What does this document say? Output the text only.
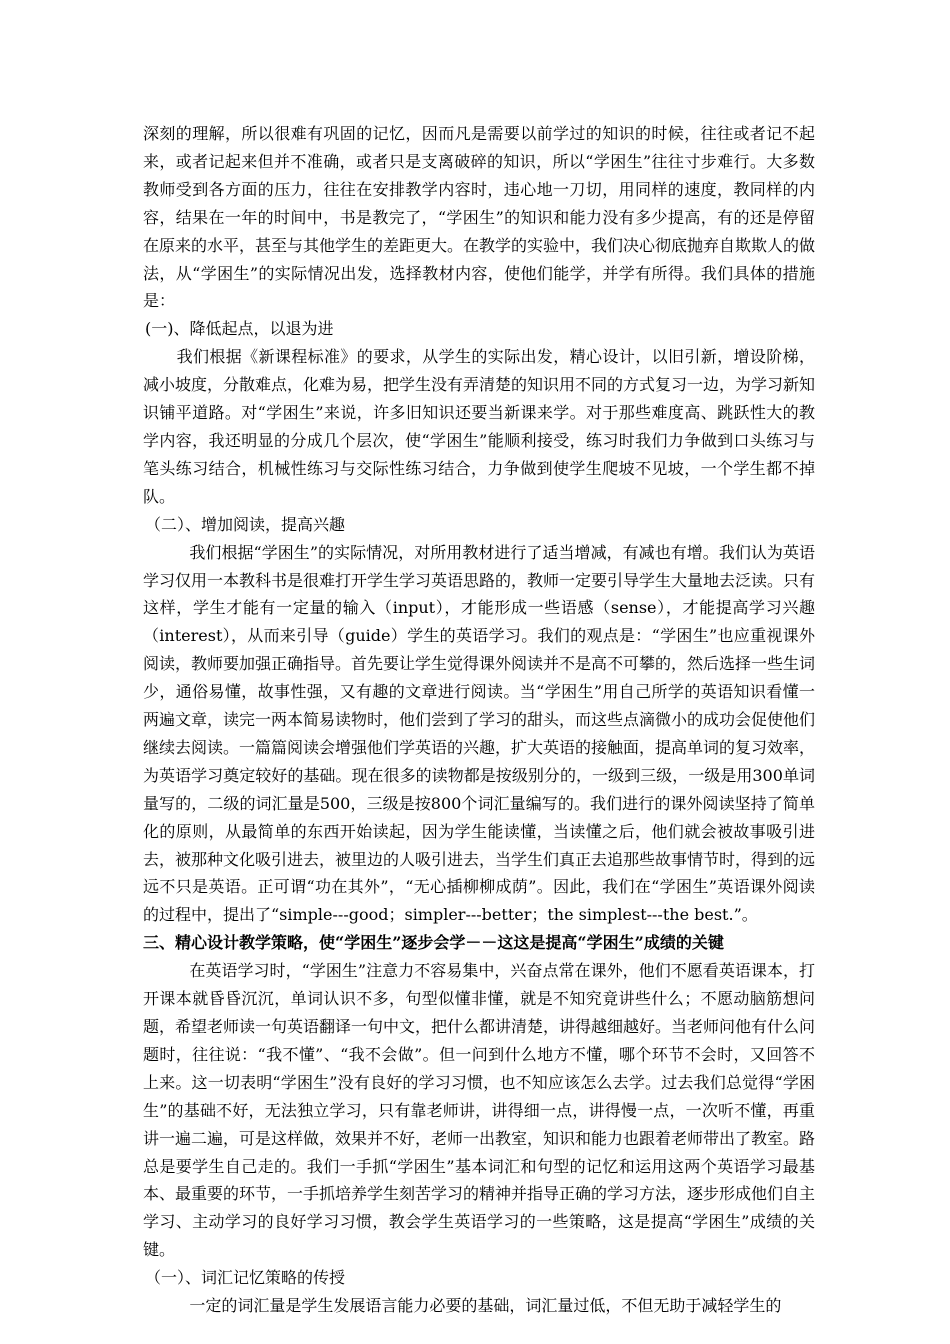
深刻的理解，所以很难有巩固的记忆，因而凡是需要以前学过的知识的时候，往往或者记不起来，或者记起来但并不准确，或者只是支离破碎的知识，所以“学困生”往往寸步难行。大多数教师受到各方面的压力，往往在安排教学内容时，违心地一刀切，用同样的速度，教同样的内容，结果在一年的时间中，书是教完了，“学困生”的知识和能力没有多少提高，有的还是停留在原来的水平，甚至与其他学生的差距更大。在教学的实验中，我们决心彻底抛弃自欺欺人的做法，从“学困生”的实际情况出发，选择教材内容，使他们能学，并学有所得。我们具体的措施是：

(一)、降低起点，以退为进

我们根据《新课程标准》的要求，从学生的实际出发，精心设计，以旧引新，增设阶梯，减小坡度，分散难点，化难为易，把学生没有弄清楚的知识用不同的方式复习一边，为学习新知识铺平道路。对“学困生”来说，许多旧知识还要当新课来学。对于那些难度高、跳跃性大的教学内容，我还明显的分成几个层次，使“学困生”能顺利接受，练习时我们力争做到口头练习与笔头练习结合，机械性练习与交际性练习结合，力争做到使学生爬坡不见坡，一个学生都不掉队。

（二）、增加阅读，提高兴趣

我们根据“学困生”的实际情况，对所用教材进行了适当增减，有减也有增。我们认为英语学习仅用一本教科书是很难打开学生学习英语思路的，教师一定要引导学生大量地去泛读。只有这样，学生才能有一定量的输入（input），才能形成一些语感（sense），才能提高学习兴趣（interest），从而来引导（guide）学生的英语学习。我们的观点是：“学困生”也应重视课外阅读，教师要加强正确指导。首先要让学生觉得课外阅读并不是高不可攀的，然后选择一些生词少，通俗易懂，故事性强，又有趣的文章进行阅读。当“学困生”用自己所学的英语知识看懂一两遍文章，读完一两本简易读物时，他们尝到了学习的甜头，而这些点滴微小的成功会促使他们继续去阅读。一篇篇阅读会增强他们学英语的兴趣，扩大英语的接触面，提高单词的复习效率，为英语学习奠定较好的基础。现在很多的读物都是按级别分的，一级到三级，一级是用300单词量写的，二级的词汇量是500，三级是按800个词汇量编写的。我们进行的课外阅读坚持了简单化的原则，从最简单的东西开始读起，因为学生能读懂，当读懂之后，他们就会被故事吸引进去，被那种文化吸引进去，被里边的人吸引进去，当学生们真正去追那些故事情节时，得到的远远不只是英语。正可谓“功在其外”，“无心插柳柳成荫”。因此，我们在“学困生”英语课外阅读的过程中，提出了“simple---good；simpler---better；the simplest---the best.”。

三、精心设计教学策略，使“学困生”逐步会学－－这这是提高“学困生”成绩的关键

在英语学习时，“学困生”注意力不容易集中，兴奋点常在课外，他们不愿看英语课本，打开课本就昏昏沉沉，单词认识不多，句型似懂非懂，就是不知究竟讲些什么；不愿动脑筋想问题，希望老师读一句英语翻译一句中文，把什么都讲清楚，讲得越细越好。当老师问他有什么问题时，往往说：“我不懂”、“我不会做”。但一问到什么地方不懂，哪个环节不会时，又回答不上来。这一切表明“学困生”没有良好的学习习惯，也不知应该怎么去学。过去我们总觉得“学困生”的基础不好，无法独立学习，只有靠老师讲，讲得细一点，讲得慢一点，一次听不懂，再重讲一遍二遍，可是这样做，效果并不好，老师一出教室，知识和能力也跟着老师带出了教室。路总是要学生自己走的。我们一手抓“学困生”基本词汇和句型的记忆和运用这两个英语学习最基本、最重要的环节，一手抓培养学生刻苦学习的精神并指导正确的学习方法，逐步形成他们自主学习、主动学习的良好学习习惯，教会学生英语学习的一些策略，这是提高“学困生”成绩的关键。

（一）、词汇记忆策略的传授

一定的词汇量是学生发展语言能力必要的基础，词汇量过低，不但无助于减轻学生的
